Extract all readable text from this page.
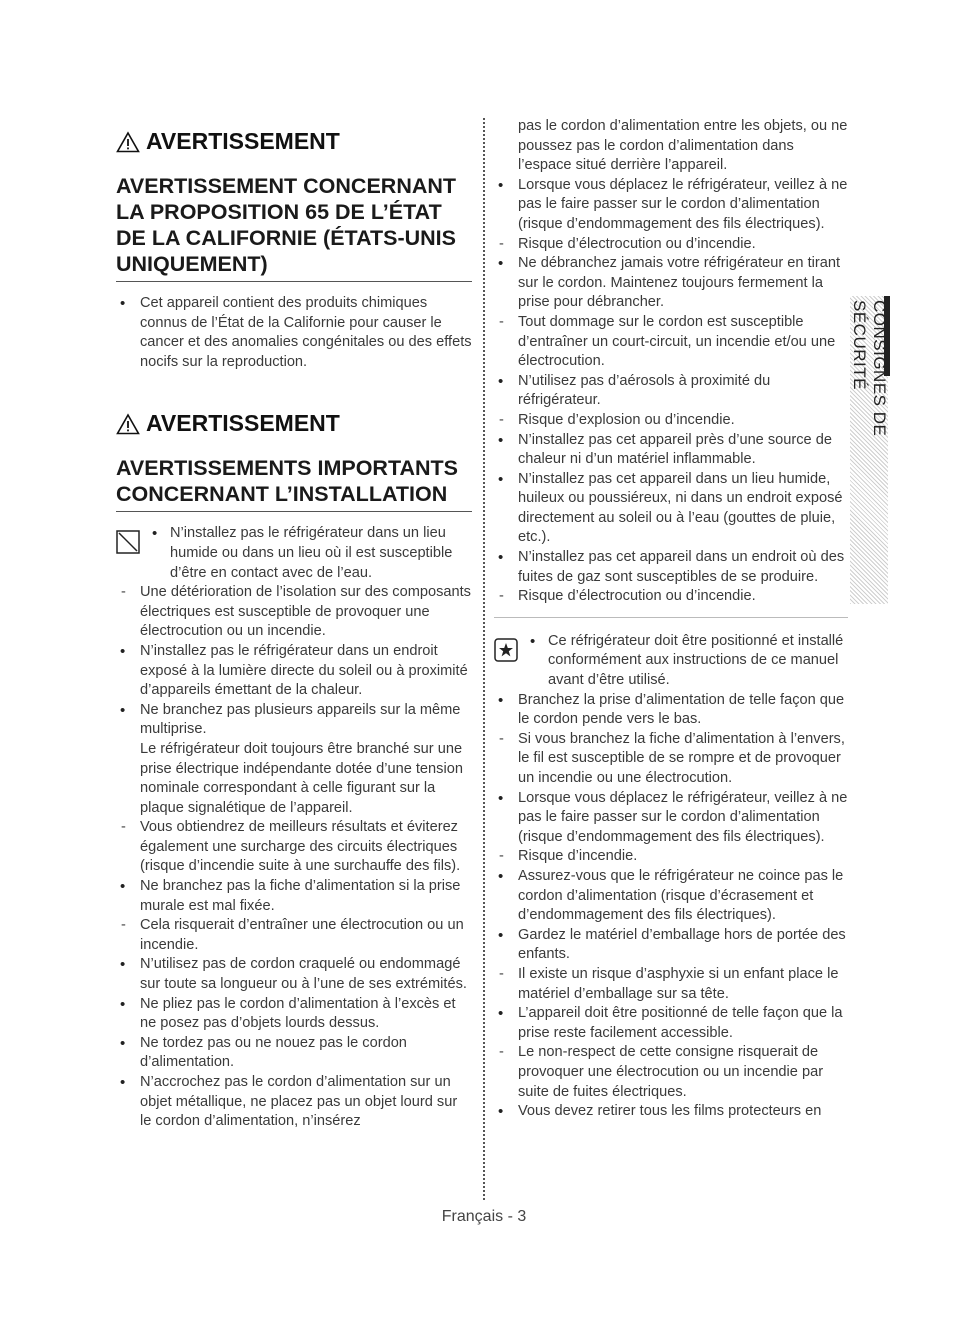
AVERTISSEMENT
AVERTISSEMENT CONCERNANT LA PROPOSITION 65 DE L’ÉTAT DE LA CALIFORNIE (ÉTATS-UNIS UNIQUEMENT)
• Cet appareil contient des produits chimiques connus de l’État de la Californie pour causer le cancer et des anomalies congénitales ou des effets nocifs sur la reproduction.
AVERTISSEMENT
AVERTISSEMENTS IMPORTANTS CONCERNANT L’INSTALLATION
• N’installez pas le réfrigérateur dans un lieu humide ou dans un lieu où il est susceptible d’être en contact avec de l’eau.
- Une détérioration de l’isolation sur des composants électriques est susceptible de provoquer une électrocution ou un incendie.
• N’installez pas le réfrigérateur dans un endroit exposé à la lumière directe du soleil ou à proximité d’appareils émettant de la chaleur.
• Ne branchez pas plusieurs appareils sur la même multiprise.
Le réfrigérateur doit toujours être branché sur une prise électrique indépendante dotée d’une tension nominale correspondant à celle figurant sur la plaque signalétique de l’appareil.
- Vous obtiendrez de meilleurs résultats et éviterez également une surcharge des circuits électriques (risque d’incendie suite à une surchauffe des fils).
• Ne branchez pas la fiche d’alimentation si la prise murale est mal fixée.
- Cela risquerait d’entraîner une électrocution ou un incendie.
• N’utilisez pas de cordon craquelé ou endommagé sur toute sa longueur ou à l’une de ses extrémités.
• Ne pliez pas le cordon d’alimentation à l’excès et ne posez pas d’objets lourds dessus.
• Ne tordez pas ou ne nouez pas le cordon d’alimentation.
• N’accrochez pas le cordon d’alimentation sur un objet métallique, ne placez pas un objet lourd sur le cordon d’alimentation, n’insérez
pas le cordon d’alimentation entre les objets, ou ne poussez pas le cordon d’alimentation dans l’espace situé derrière l’appareil.
• Lorsque vous déplacez le réfrigérateur, veillez à ne pas le faire passer sur le cordon d’alimentation (risque d’endommagement des fils électriques).
- Risque d’électrocution ou d’incendie.
• Ne débranchez jamais votre réfrigérateur en tirant sur le cordon. Maintenez toujours fermement la prise pour débrancher.
- Tout dommage sur le cordon est susceptible d’entraîner un court-circuit, un incendie et/ou une électrocution.
• N’utilisez pas d’aérosols à proximité du réfrigérateur.
- Risque d’explosion ou d’incendie.
• N’installez pas cet appareil près d’une source de chaleur ni d’un matériel inflammable.
• N’installez pas cet appareil dans un lieu humide, huileux ou poussiéreux, ni dans un endroit exposé directement au soleil ou à l’eau (gouttes de pluie, etc.).
• N’installez pas cet appareil dans un endroit où des fuites de gaz sont susceptibles de se produire.
- Risque d’électrocution ou d’incendie.
• Ce réfrigérateur doit être positionné et installé conformément aux instructions de ce manuel avant d’être utilisé.
• Branchez la prise d’alimentation de telle façon que le cordon pende vers le bas.
- Si vous branchez la fiche d’alimentation à l’envers, le fil est susceptible de se rompre et de provoquer un incendie ou une électrocution.
• Lorsque vous déplacez le réfrigérateur, veillez à ne pas le faire passer sur le cordon d’alimentation (risque d’endommagement des fils électriques).
- Risque d’incendie.
• Assurez-vous que le réfrigérateur ne coince pas le cordon d’alimentation (risque d’écrasement et d’endommagement des fils électriques).
• Gardez le matériel d’emballage hors de portée des enfants.
- Il existe un risque d’asphyxie si un enfant place le matériel d’emballage sur sa tête.
• L’appareil doit être positionné de telle façon que la prise reste facilement accessible.
- Le non-respect de cette consigne risquerait de provoquer une électrocution ou un incendie par suite de fuites électriques.
• Vous devez retirer tous les films protecteurs en
CONSIGNES DE SÉCURITÉ
Français - 3
